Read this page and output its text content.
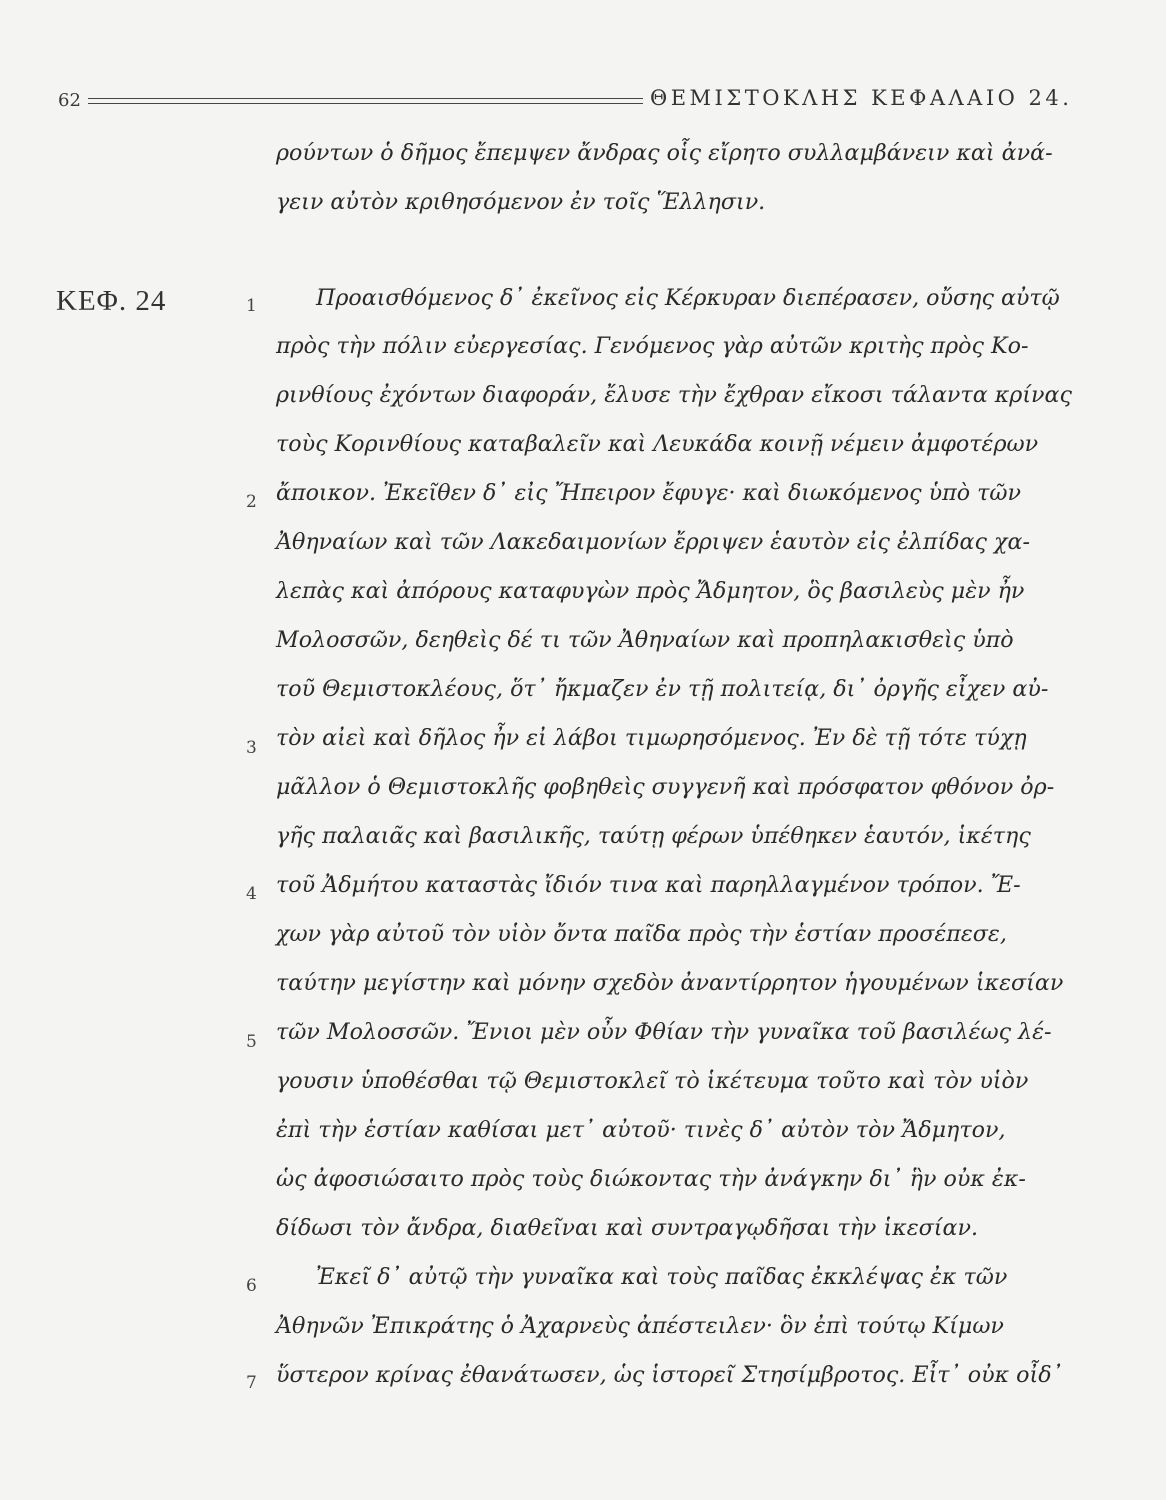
62	ΘΕΜΙΣΤΟΚΛΗΣ ΚΕΦΑΛΑΙΟ 24.
ΚΕΦ. 24	1
2
3
4
5
6
7
ρούντων ὁ δῆμος ἔπεμψεν ἄνδρας οἷς εἴρητο συλλαμβάνειν καὶ ἀνά-
γειν αὐτὸν κριθησόμενον ἐν τοῖς Ἕλλησιν.
Προαισθόμενος δ᾽ ἐκεῖνος εἰς Κέρκυραν διεπέρασεν, οὔσης αὐτῷ
πρὸς τὴν πόλιν εὐεργεσίας. Γενόμενος γὰρ αὐτῶν κριτὴς πρὸς Κο-
ρινθίους ἐχόντων διαφοράν, ἔλυσε τὴν ἔχθραν εἴκοσι τάλαντα κρίνας
τοὺς Κορινθίους καταβαλεῖν καὶ Λευκάδα κοινῇ νέμειν ἀμφοτέρων
ἄποικον. Ἐκεῖθεν δ᾽ εἰς Ἤπειρον ἔφυγε· καὶ διωκόμενος ὑπὸ τῶν
Ἀθηναίων καὶ τῶν Λακεδαιμονίων ἔρριψεν ἑαυτὸν εἰς ἐλπίδας χα-
λεπὰς καὶ ἀπόρους καταφυγὼν πρὸς Ἄδμητον, ὃς βασιλεὺς μὲν ἦν
Μολοσσῶν, δεηθεὶς δέ τι τῶν Ἀθηναίων καὶ προπηλακισθεὶς ὑπὸ
τοῦ Θεμιστοκλέους, ὅτ᾽ ἤκμαζεν ἐν τῇ πολιτείᾳ, δι᾽ ὀργῆς εἶχεν αὐ-
τὸν αἰεὶ καὶ δῆλος ἦν εἰ λάβοι τιμωρησόμενος. Ἐν δὲ τῇ τότε τύχῃ
μᾶλλον ὁ Θεμιστοκλῆς φοβηθεὶς συγγενῆ καὶ πρόσφατον φθόνον ὀρ-
γῆς παλαιᾶς καὶ βασιλικῆς, ταύτῃ φέρων ὑπέθηκεν ἑαυτόν, ἱκέτης
τοῦ Ἀδμήτου καταστὰς ἴδιόν τινα καὶ παρηλλαγμένον τρόπον. Ἔ-
χων γὰρ αὐτοῦ τὸν υἱὸν ὄντα παῖδα πρὸς τὴν ἑστίαν προσέπεσε,
ταύτην μεγίστην καὶ μόνην σχεδὸν ἀναντίρρητον ἡγουμένων ἱκεσίαν
τῶν Μολοσσῶν. Ἔνιοι μὲν οὖν Φθίαν τὴν γυναῖκα τοῦ βασιλέως λέ-
γουσιν ὑποθέσθαι τῷ Θεμιστοκλεῖ τὸ ἱκέτευμα τοῦτο καὶ τὸν υἱὸν
ἐπὶ τὴν ἑστίαν καθίσαι μετ᾽ αὐτοῦ· τινὲς δ᾽ αὐτὸν τὸν Ἄδμητον,
ὡς ἀφοσιώσαιτο πρὸς τοὺς διώκοντας τὴν ἀνάγκην δι᾽ ἣν οὐκ ἐκ-
δίδωσι τὸν ἄνδρα, διαθεῖναι καὶ συντραγῳδῆσαι τὴν ἱκεσίαν.
Ἐκεῖ δ᾽ αὐτῷ τὴν γυναῖκα καὶ τοὺς παῖδας ἐκκλέψας ἐκ τῶν
Ἀθηνῶν Ἐπικράτης ὁ Ἀχαρνεὺς ἀπέστειλεν· ὃν ἐπὶ τούτῳ Κίμων
ὕστερον κρίνας ἐθανάτωσεν, ὡς ἱστορεῖ Στησίμβροτος. Εἶτ᾽ οὐκ οἶδ᾽
